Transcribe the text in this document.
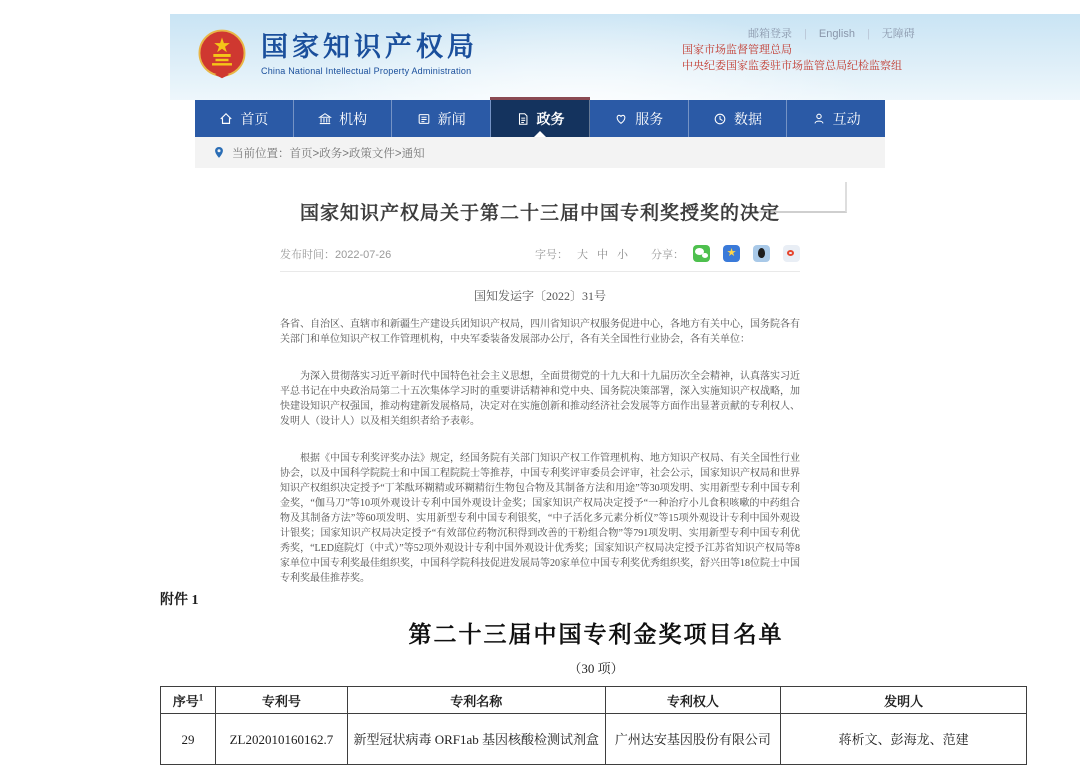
国家知识产权局
China National Intellectual Property Administration
邮箱登录 | English | 无障碍
国家市场监督管理总局
中央纪委国家监委驻市场监管总局纪检监察组
首页	机构	新闻	政务	服务	数据	互动
当前位置： 首页>政务>政策文件>通知
国家知识产权局关于第二十三届中国专利奖授奖的决定
发布时间：2022-07-26	字号： 大 中 小 分享：	★
国知发运字〔2022〕31号

各省、自治区、直辖市和新疆生产建设兵团知识产权局，四川省知识产权服务促进中心，各地方有关中心，国务院各有关部门和单位知识产权工作管理机构，中央军委装备发展部办公厅，各有关全国性行业协会，各有关单位：

为深入贯彻落实习近平新时代中国特色社会主义思想，全面贯彻党的十九大和十九届历次全会精神，认真落实习近平总书记在中央政治局第二十五次集体学习时的重要讲话精神和党中央、国务院决策部署，深入实施知识产权战略，加快建设知识产权强国，推动构建新发展格局，决定对在实施创新和推动经济社会发展等方面作出显著贡献的专利权人、发明人（设计人）以及相关组织者给予表彰。

根据《中国专利奖评奖办法》规定，经国务院有关部门知识产权工作管理机构、地方知识产权局、有关全国性行业协会，以及中国科学院院士和中国工程院院士等推荐，中国专利奖评审委员会评审，社会公示，国家知识产权局和世界知识产权组织决定授予“丁苯酞环糊精或环糊精衍生物包合物及其制备方法和用途”等30项发明、实用新型专利中国专利金奖，“伽马刀”等10项外观设计专利中国外观设计金奖；国家知识产权局决定授予“一种治疗小儿食积咳嗽的中药组合物及其制备方法”等60项发明、实用新型专利中国专利银奖，“中子活化多元素分析仪”等15项外观设计专利中国外观设计银奖；国家知识产权局决定授予“有效部位药物沉积得到改善的干粉组合物”等791项发明、实用新型专利中国专利优秀奖，“LED庭院灯（中式）”等52项外观设计专利中国外观设计优秀奖；国家知识产权局决定授予江苏省知识产权局等8家单位中国专利奖最佳组织奖，中国科学院科技促进发展局等20家单位中国专利奖优秀组织奖，舒兴田等18位院士中国专利奖最佳推荐奖。

附件 1
第二十三届中国专利金奖项目名单
（30 项）
序号$^1$	专利号	专利名称	专利权人	发明人
29	ZL202010160162.7	新型冠状病毒 ORF1ab 基因核酸检测试剂盒	广州达安基因股份有限公司	蒋析文、彭海龙、范建
